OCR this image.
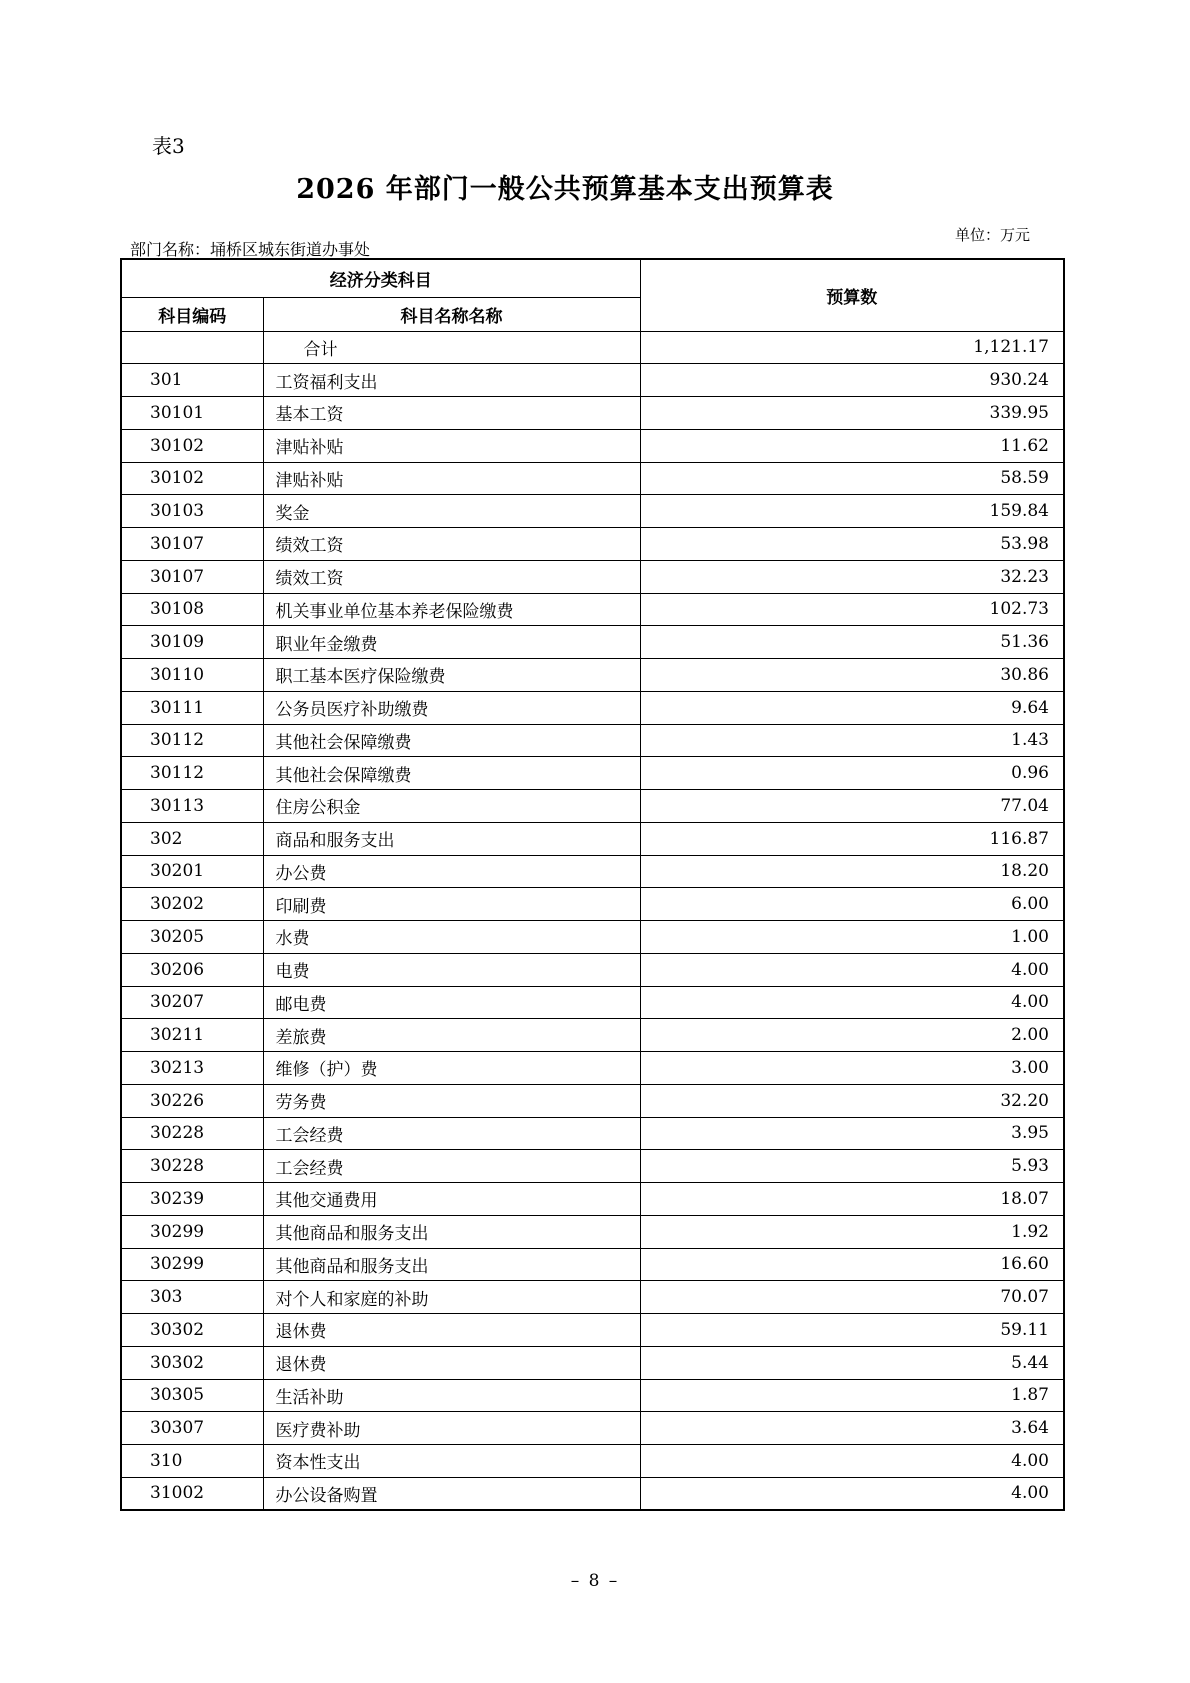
表3
2026 年部门一般公共预算基本支出预算表
单位：万元
部门名称：埇桥区城东街道办事处
经济分类科目		预算数
科目编码	科目名称名称	
	合计	1,121.17
301	工资福利支出	930.24
30101	基本工资	339.95
30102	津贴补贴	11.62
30102	津贴补贴	58.59
30103	奖金	159.84
30107	绩效工资	53.98
30107	绩效工资	32.23
30108	机关事业单位基本养老保险缴费	102.73
30109	职业年金缴费	51.36
30110	职工基本医疗保险缴费	30.86
30111	公务员医疗补助缴费	9.64
30112	其他社会保障缴费	1.43
30112	其他社会保障缴费	0.96
30113	住房公积金	77.04
302	商品和服务支出	116.87
30201	办公费	18.20
30202	印刷费	6.00
30205	水费	1.00
30206	电费	4.00
30207	邮电费	4.00
30211	差旅费	2.00
30213	维修（护）费	3.00
30226	劳务费	32.20
30228	工会经费	3.95
30228	工会经费	5.93
30239	其他交通费用	18.07
30299	其他商品和服务支出	1.92
30299	其他商品和服务支出	16.60
303	对个人和家庭的补助	70.07
30302	退休费	59.11
30302	退休费	5.44
30305	生活补助	1.87
30307	医疗费补助	3.64
310	资本性支出	4.00
31002	办公设备购置	4.00
– 8 –
